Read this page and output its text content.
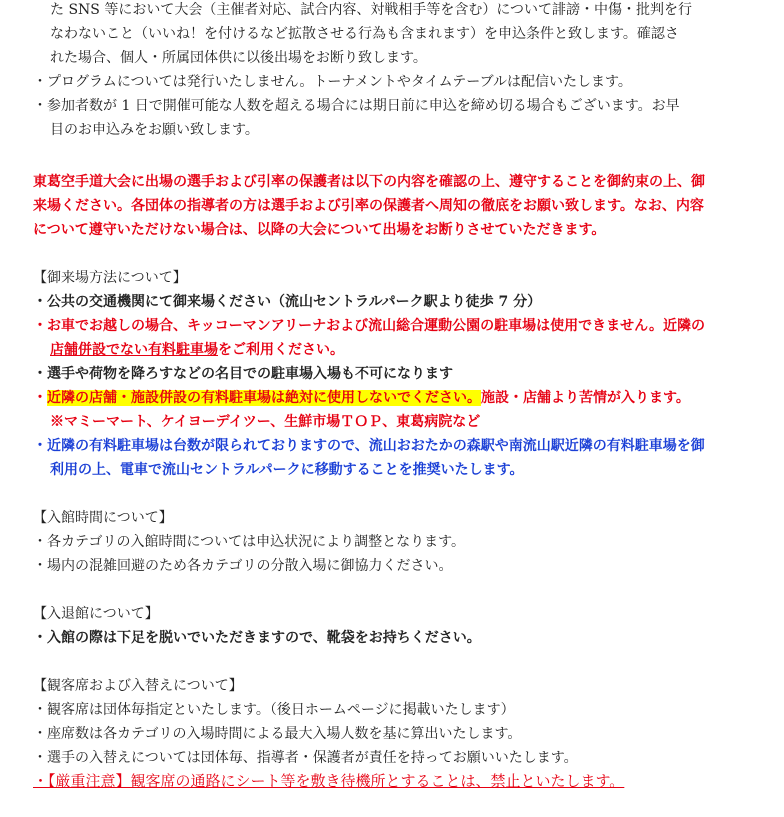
た SNS 等において大会（主催者対応、試合内容、対戦相手等を含む）について誹謗・中傷・批判を行
なわないこと（いいね！を付けるなど拡散させる行為も含まれます）を申込条件と致します。確認さ
れた場合、個人・所属団体供に以後出場をお断り致します。
・プログラムについては発行いたしません。トーナメントやタイムテーブルは配信いたします。
・参加者数が 1 日で開催可能な人数を超える場合には期日前に申込を締め切る場合もございます。お早
目のお申込みをお願い致します。
東葛空手道大会に出場の選手および引率の保護者は以下の内容を確認の上、遵守することを御約束の上、御
来場ください。各団体の指導者の方は選手および引率の保護者へ周知の徹底をお願い致します。なお、内容
について遵守いただけない場合は、以降の大会について出場をお断りさせていただきます。
【御来場方法について】
・公共の交通機関にて御来場ください（流山セントラルパーク駅より徒歩 7 分）
・お車でお越しの場合、キッコーマンアリーナおよび流山総合運動公園の駐車場は使用できません。近隣の
店舗併設でない有料駐車場をご利用ください。
・選手や荷物を降ろすなどの名目での駐車場入場も不可になります
・近隣の店舗・施設併設の有料駐車場は絶対に使用しないでください。施設・店舗より苦情が入ります。
※マミーマート、ケイヨーデイツー、生鮮市場ＴＯＰ、東葛病院など
・近隣の有料駐車場は台数が限られておりますので、流山おおたかの森駅や南流山駅近隣の有料駐車場を御
利用の上、電車で流山セントラルパークに移動することを推奨いたします。
【入館時間について】
・各カテゴリの入館時間については申込状況により調整となります。
・場内の混雑回避のため各カテゴリの分散入場に御協力ください。
【入退館について】
・入館の際は下足を脱いでいただきますので、靴袋をお持ちください。
【観客席および入替えについて】
・観客席は団体毎指定といたします。（後日ホームページに掲載いたします）
・座席数は各カテゴリの入場時間による最大入場人数を基に算出いたします。
・選手の入替えについては団体毎、指導者・保護者が責任を持ってお願いいたします。
・【厳重注意】観客席の通路にシート等を敷き待機所とすることは、禁止といたします。
